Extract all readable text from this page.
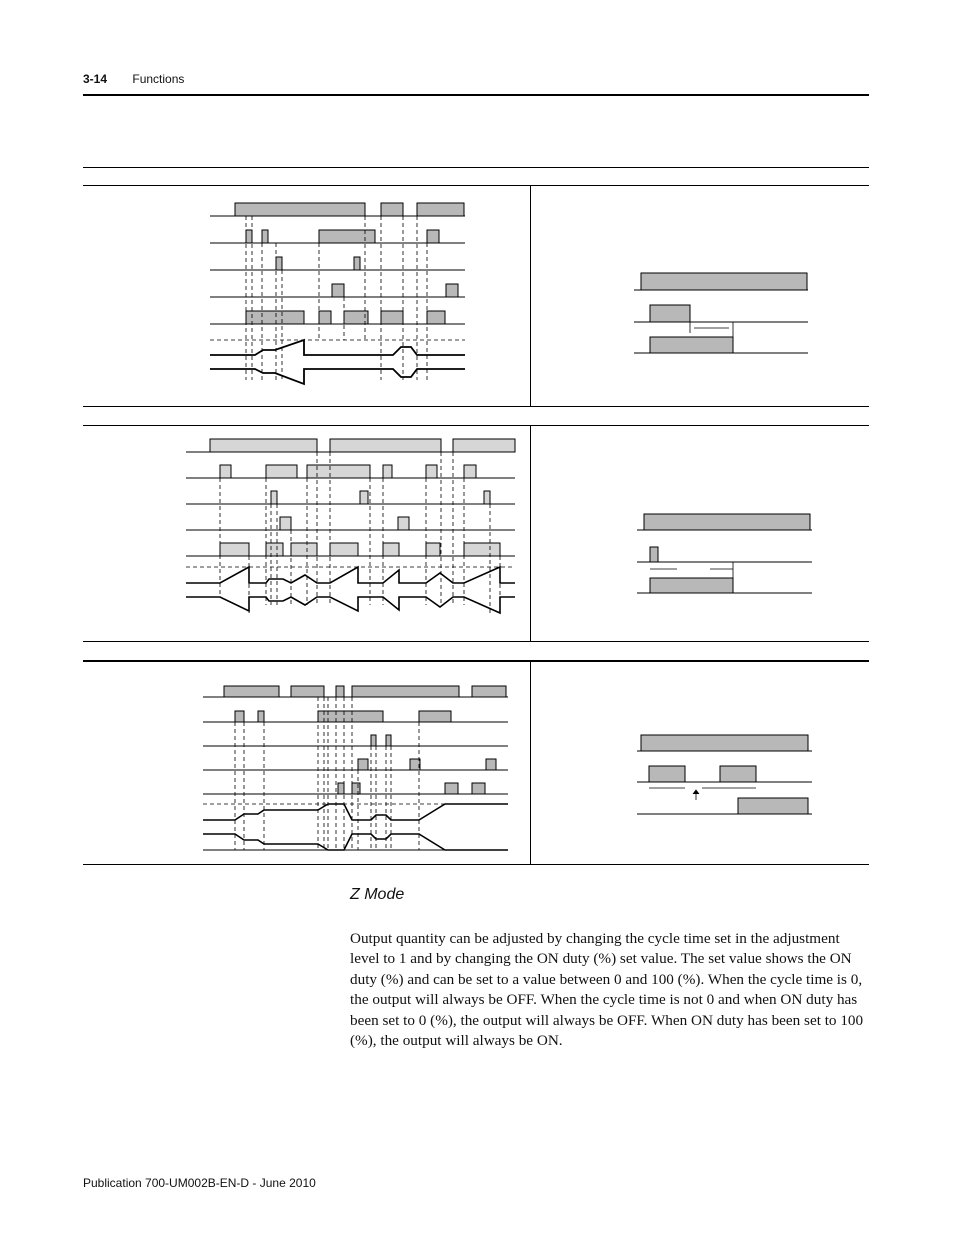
3-14 Functions
Z Mode

Output quantity can be adjusted by changing the cycle time set in the adjustment level to 1 and by changing the ON duty (%) set value. The set value shows the ON duty (%) and can be set to a value between 0 and 100 (%). When the cycle time is 0, the output will always be OFF. When the cycle time is not 0 and when ON duty has been set to 0 (%), the output will always be OFF. When ON duty has been set to 100 (%), the output will always be ON.

Publication 700-UM002B-EN-D - June 2010
